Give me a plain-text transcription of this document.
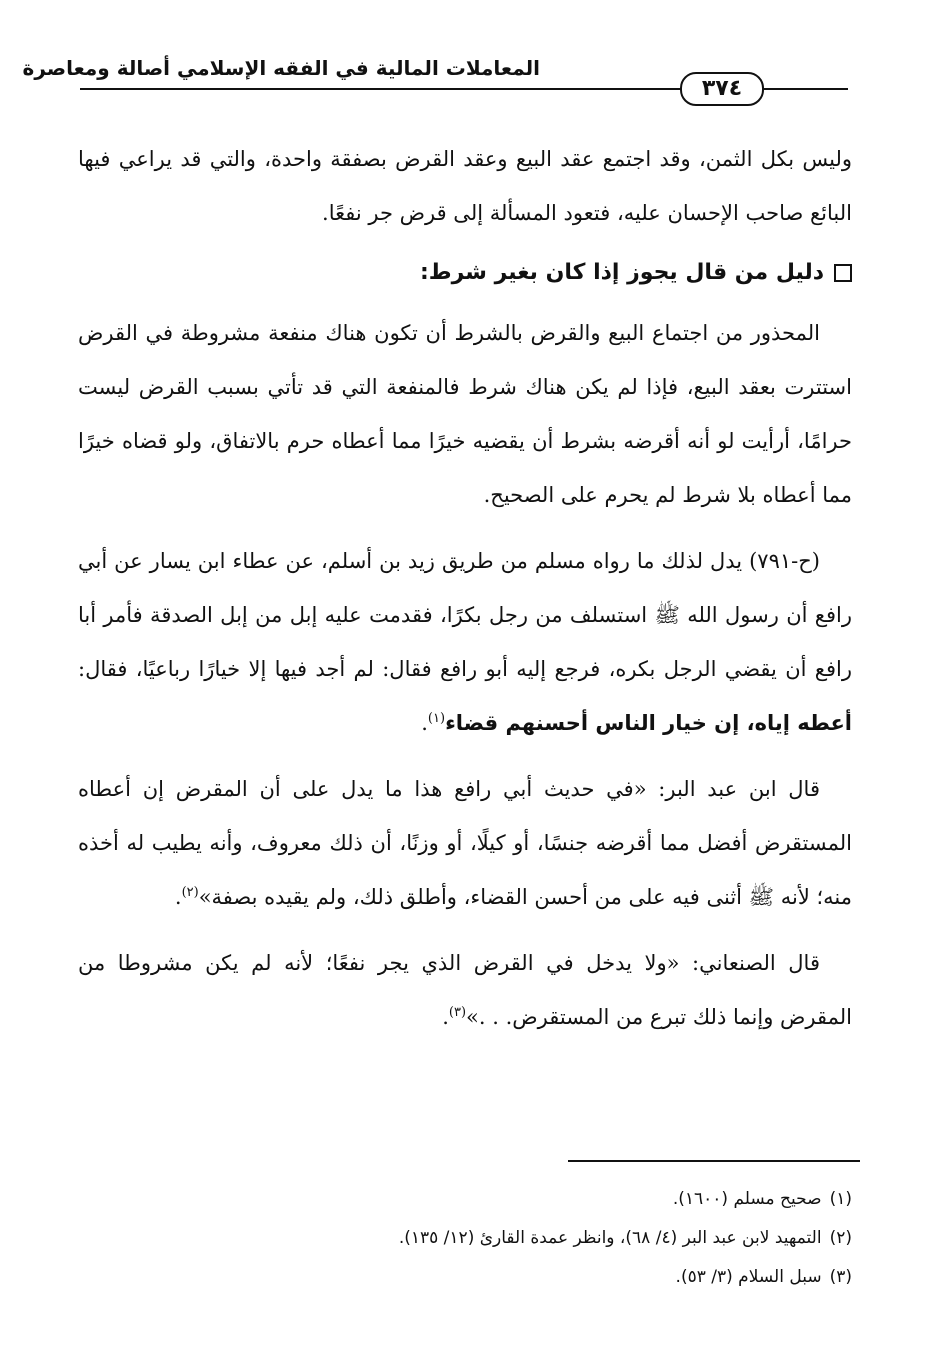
المعاملات المالية في الفقه الإسلامي أصالة ومعاصرة
٣٧٤

وليس بكل الثمن، وقد اجتمع عقد البيع وعقد القرض بصفقة واحدة، والتي قد يراعي فيها البائع صاحب الإحسان عليه، فتعود المسألة إلى قرض جر نفعًا.

دليل من قال يجوز إذا كان بغير شرط:

المحذور من اجتماع البيع والقرض بالشرط أن تكون هناك منفعة مشروطة في القرض استترت بعقد البيع، فإذا لم يكن هناك شرط فالمنفعة التي قد تأتي بسبب القرض ليست حرامًا، أرأيت لو أنه أقرضه بشرط أن يقضيه خيرًا مما أعطاه حرم بالاتفاق، ولو قضاه خيرًا مما أعطاه بلا شرط لم يحرم على الصحيح.

(ح-٧٩١) يدل لذلك ما رواه مسلم من طريق زيد بن أسلم، عن عطاء ابن يسار عن أبي رافع أن رسول الله ﷺ استسلف من رجل بكرًا، فقدمت عليه إبل من إبل الصدقة فأمر أبا رافع أن يقضي الرجل بكره، فرجع إليه أبو رافع فقال: لم أجد فيها إلا خيارًا رباعيًا، فقال: أعطه إياه، إن خيار الناس أحسنهم قضاء$^{(١)}$.

قال ابن عبد البر: «في حديث أبي رافع هذا ما يدل على أن المقرض إن أعطاه المستقرض أفضل مما أقرضه جنسًا، أو كيلًا، أو وزنًا، أن ذلك معروف، وأنه يطيب له أخذه منه؛ لأنه ﷺ أثنى فيه على من أحسن القضاء، وأطلق ذلك، ولم يقيده بصفة»$^{(٢)}$.

قال الصنعاني: «ولا يدخل في القرض الذي يجر نفعًا؛ لأنه لم يكن مشروطا من المقرض وإنما ذلك تبرع من المستقرض. . .»$^{(٣)}$.

(١)صحيح مسلم (١٦٠٠).
(٢)التمهيد لابن عبد البر (٤/ ٦٨)، وانظر عمدة القارئ (١٢/ ١٣٥).
(٣)سبل السلام (٣/ ٥٣).
